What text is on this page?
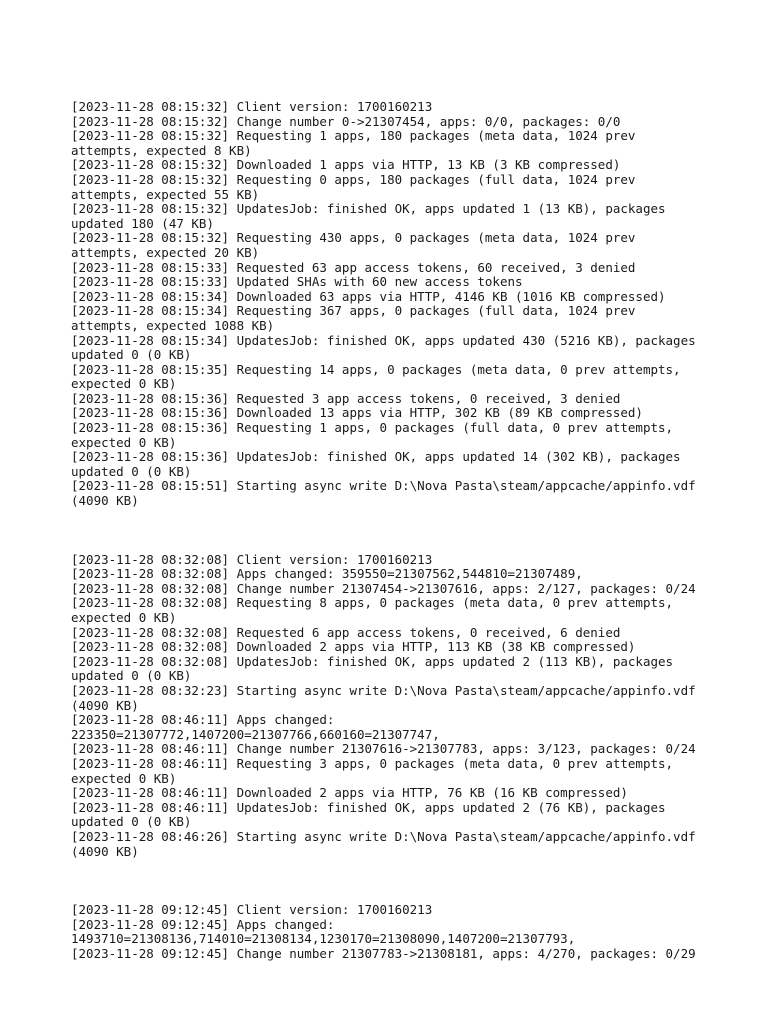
[2023-11-28 08:15:32] Client version: 1700160213
[2023-11-28 08:15:32] Change number 0->21307454, apps: 0/0, packages: 0/0
[2023-11-28 08:15:32] Requesting 1 apps, 180 packages (meta data, 1024 prev
attempts, expected 8 KB)
[2023-11-28 08:15:32] Downloaded 1 apps via HTTP, 13 KB (3 KB compressed)
[2023-11-28 08:15:32] Requesting 0 apps, 180 packages (full data, 1024 prev
attempts, expected 55 KB)
[2023-11-28 08:15:32] UpdatesJob: finished OK, apps updated 1 (13 KB), packages
updated 180 (47 KB)
[2023-11-28 08:15:32] Requesting 430 apps, 0 packages (meta data, 1024 prev
attempts, expected 20 KB)
[2023-11-28 08:15:33] Requested 63 app access tokens, 60 received, 3 denied
[2023-11-28 08:15:33] Updated SHAs with 60 new access tokens
[2023-11-28 08:15:34] Downloaded 63 apps via HTTP, 4146 KB (1016 KB compressed)
[2023-11-28 08:15:34] Requesting 367 apps, 0 packages (full data, 1024 prev
attempts, expected 1088 KB)
[2023-11-28 08:15:34] UpdatesJob: finished OK, apps updated 430 (5216 KB), packages
updated 0 (0 KB)
[2023-11-28 08:15:35] Requesting 14 apps, 0 packages (meta data, 0 prev attempts,
expected 0 KB)
[2023-11-28 08:15:36] Requested 3 app access tokens, 0 received, 3 denied
[2023-11-28 08:15:36] Downloaded 13 apps via HTTP, 302 KB (89 KB compressed)
[2023-11-28 08:15:36] Requesting 1 apps, 0 packages (full data, 0 prev attempts,
expected 0 KB)
[2023-11-28 08:15:36] UpdatesJob: finished OK, apps updated 14 (302 KB), packages
updated 0 (0 KB)
[2023-11-28 08:15:51] Starting async write D:\Nova Pasta\steam/appcache/appinfo.vdf
(4090 KB)
[2023-11-28 08:32:08] Client version: 1700160213
[2023-11-28 08:32:08] Apps changed: 359550=21307562,544810=21307489,
[2023-11-28 08:32:08] Change number 21307454->21307616, apps: 2/127, packages: 0/24
[2023-11-28 08:32:08] Requesting 8 apps, 0 packages (meta data, 0 prev attempts,
expected 0 KB)
[2023-11-28 08:32:08] Requested 6 app access tokens, 0 received, 6 denied
[2023-11-28 08:32:08] Downloaded 2 apps via HTTP, 113 KB (38 KB compressed)
[2023-11-28 08:32:08] UpdatesJob: finished OK, apps updated 2 (113 KB), packages
updated 0 (0 KB)
[2023-11-28 08:32:23] Starting async write D:\Nova Pasta\steam/appcache/appinfo.vdf
(4090 KB)
[2023-11-28 08:46:11] Apps changed:
223350=21307772,1407200=21307766,660160=21307747,
[2023-11-28 08:46:11] Change number 21307616->21307783, apps: 3/123, packages: 0/24
[2023-11-28 08:46:11] Requesting 3 apps, 0 packages (meta data, 0 prev attempts,
expected 0 KB)
[2023-11-28 08:46:11] Downloaded 2 apps via HTTP, 76 KB (16 KB compressed)
[2023-11-28 08:46:11] UpdatesJob: finished OK, apps updated 2 (76 KB), packages
updated 0 (0 KB)
[2023-11-28 08:46:26] Starting async write D:\Nova Pasta\steam/appcache/appinfo.vdf
(4090 KB)
[2023-11-28 09:12:45] Client version: 1700160213
[2023-11-28 09:12:45] Apps changed:
1493710=21308136,714010=21308134,1230170=21308090,1407200=21307793,
[2023-11-28 09:12:45] Change number 21307783->21308181, apps: 4/270, packages: 0/29
